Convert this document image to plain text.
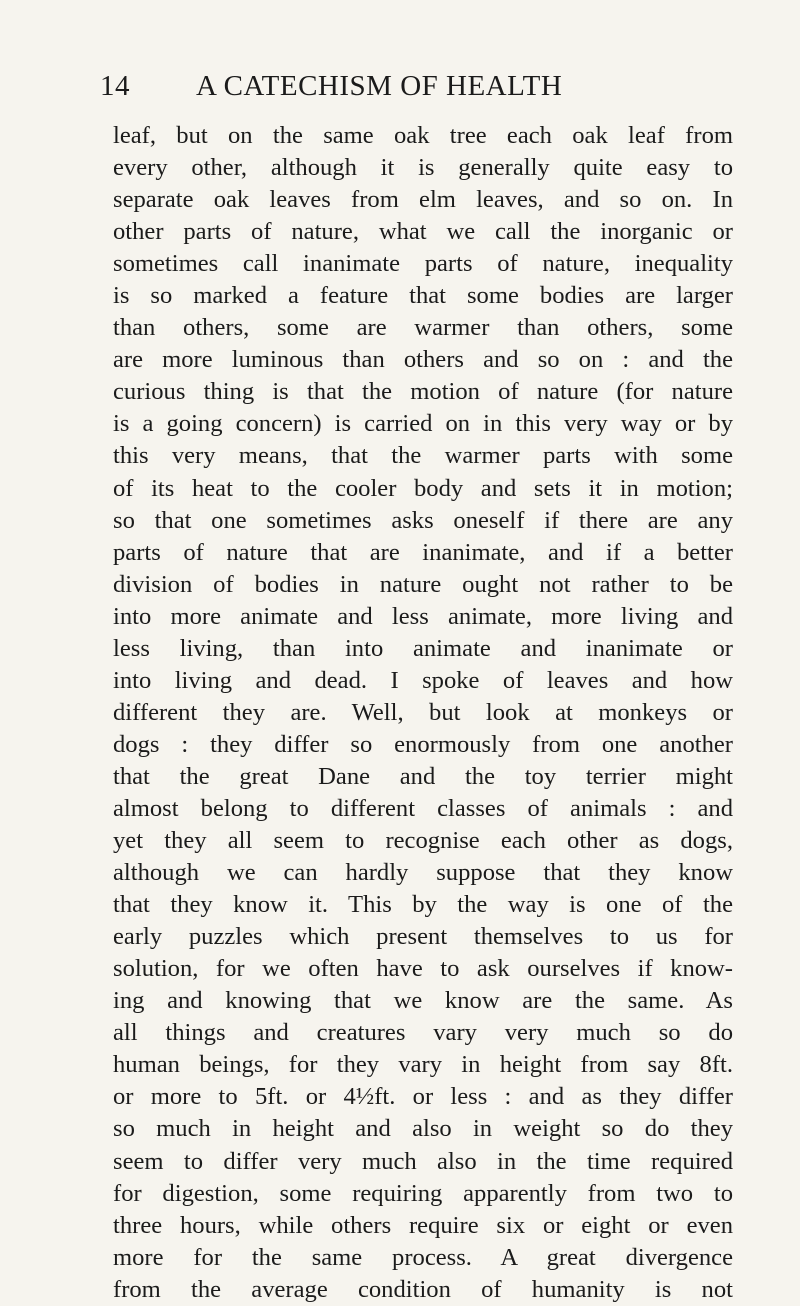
14 A CATECHISM OF HEALTH
leaf, but on the same oak tree each oak leaf from
every other, although it is generally quite easy to
separate oak leaves from elm leaves, and so on. In
other parts of nature, what we call the inorganic or
sometimes call inanimate parts of nature, inequality
is so marked a feature that some bodies are larger
than others, some are warmer than others, some
are more luminous than others and so on : and the
curious thing is that the motion of nature (for nature
is a going concern) is carried on in this very way or by
this very means, that the warmer parts with some
of its heat to the cooler body and sets it in motion;
so that one sometimes asks oneself if there are any
parts of nature that are inanimate, and if a better
division of bodies in nature ought not rather to be
into more animate and less animate, more living and
less living, than into animate and inanimate or
into living and dead. I spoke of leaves and how
different they are. Well, but look at monkeys or
dogs : they differ so enormously from one another
that the great Dane and the toy terrier might
almost belong to different classes of animals : and
yet they all seem to recognise each other as dogs,
although we can hardly suppose that they know
that they know it. This by the way is one of the
early puzzles which present themselves to us for
solution, for we often have to ask ourselves if know-
ing and knowing that we know are the same. As
all things and creatures vary very much so do
human beings, for they vary in height from say 8ft.
or more to 5ft. or 4½ft. or less : and as they differ
so much in height and also in weight so do they
seem to differ very much also in the time required
for digestion, some requiring apparently from two to
three hours, while others require six or eight or even
more for the same process. A great divergence
from the average condition of humanity is not
